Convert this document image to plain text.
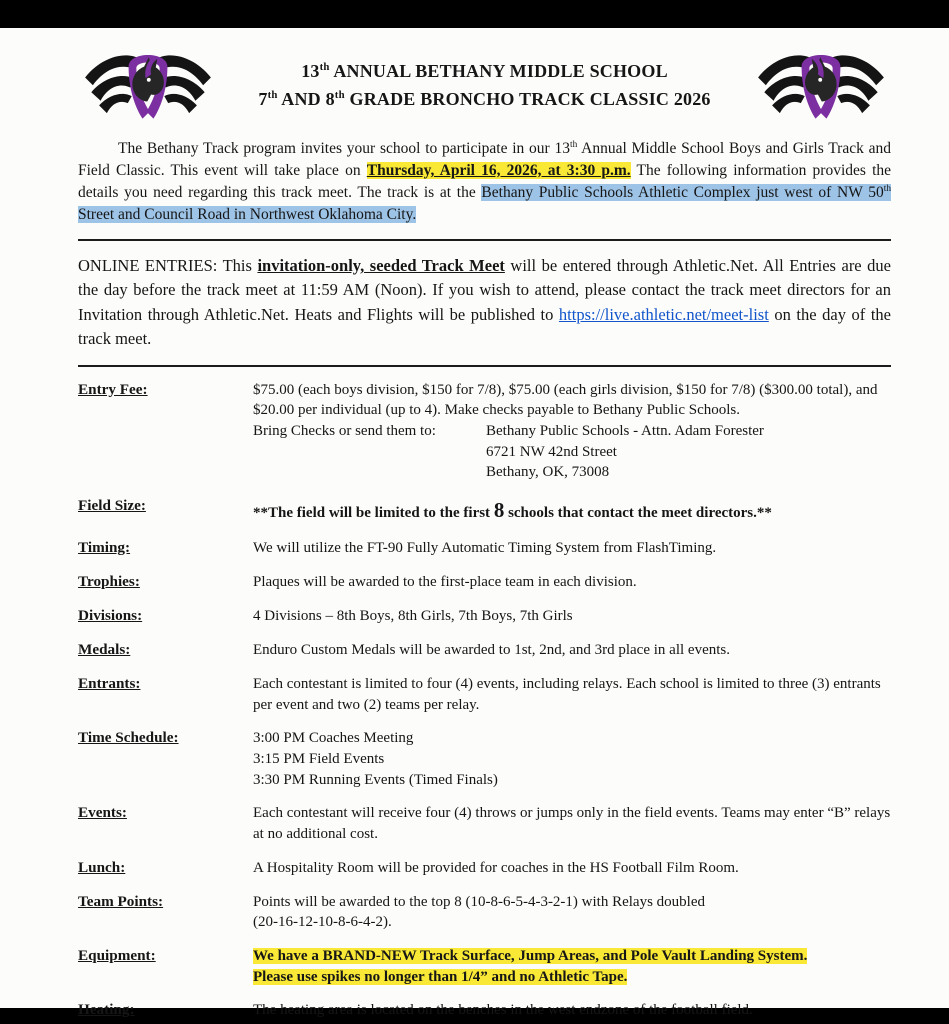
13th ANNUAL BETHANY MIDDLE SCHOOL
7th AND 8th GRADE BRONCHO TRACK CLASSIC 2026

The Bethany Track program invites your school to participate in our 13th Annual Middle School Boys and Girls Track and Field Classic. This event will take place on Thursday, April 16, 2026, at 3:30 p.m. The following information provides the details you need regarding this track meet. The track is at the Bethany Public Schools Athletic Complex just west of NW 50th Street and Council Road in Northwest Oklahoma City.

ONLINE ENTRIES: This invitation-only, seeded Track Meet will be entered through Athletic.Net. All Entries are due the day before the track meet at 11:59 AM (Noon). If you wish to attend, please contact the track meet directors for an Invitation through Athletic.Net. Heats and Flights will be published to https://live.athletic.net/meet-list on the day of the track meet.

Entry Fee:	$75.00 (each boys division, $150 for 7/8), $75.00 (each girls division, $150 for 7/8) ($300.00 total), and $20.00 per individual (up to 4). Make checks payable to Bethany Public Schools.
Bring Checks or send them to:	Bethany Public Schools - Attn. Adam Forester
6721 NW 42nd Street
Bethany, OK, 73008
Field Size:	**The field will be limited to the first 8 schools that contact the meet directors.**
Timing:	We will utilize the FT-90 Fully Automatic Timing System from FlashTiming.
Trophies:	Plaques will be awarded to the first-place team in each division.
Divisions:	4 Divisions – 8th Boys, 8th Girls, 7th Boys, 7th Girls
Medals:	Enduro Custom Medals will be awarded to 1st, 2nd, and 3rd place in all events.
Entrants:	Each contestant is limited to four (4) events, including relays. Each school is limited to three (3) entrants per event and two (2) teams per relay.
Time Schedule:	3:00 PM Coaches Meeting
3:15 PM Field Events
3:30 PM Running Events (Timed Finals)
Events:	Each contestant will receive four (4) throws or jumps only in the field events. Teams may enter “B” relays at no additional cost.
Lunch:	A Hospitality Room will be provided for coaches in the HS Football Film Room.
Team Points:	Points will be awarded to the top 8 (10-8-6-5-4-3-2-1) with Relays doubled
(20-16-12-10-8-6-4-2).
Equipment:	We have a BRAND-NEW Track Surface, Jump Areas, and Pole Vault Landing System.
Please use spikes no longer than 1/4” and no Athletic Tape.
Heating:	The heating area is located on the benches in the west endzone of the football field.
